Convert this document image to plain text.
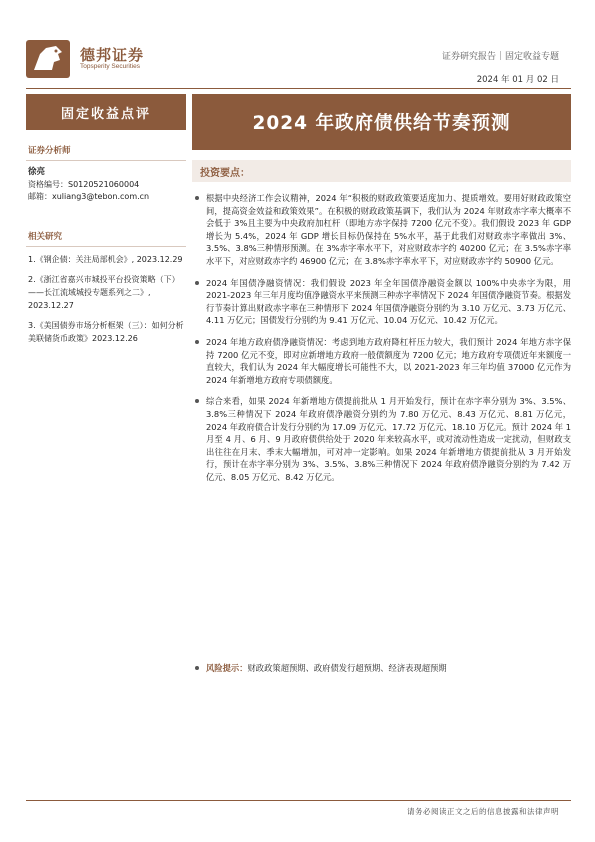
德邦证券
Topsperity Securities
证券研究报告｜固定收益专题
2024 年 01 月 02 日
固定收益点评	2024 年政府债供给节奏预测
证券分析师
徐亮
资格编号：S0120521060004
邮箱：xuliang3@tebon.com.cn
相关研究
1.《钢企债：关注局部机会》, 2023.12.29
2.《浙江省嘉兴市城投平台投资策略（下）——长江流域城投专题系列之二》, 2023.12.27
3.《美国债券市场分析框架（三）：如何分析美联储货币政策》2023.12.26
投资要点：
根据中央经济工作会议精神，2024 年“积极的财政政策要适度加力、提质增效。要用好财政政策空间，提高资金效益和政策效果”。在积极的财政政策基调下，我们认为 2024 年财政赤字率大概率不会低于 3%且主要为中央政府加杠杆（即地方赤字保持 7200 亿元不变）。我们假设 2023 年 GDP 增长为 5.4%，2024 年 GDP 增长目标仍保持在 5%水平，基于此我们对财政赤字率做出 3%、3.5%、3.8%三种情形预测。在 3%赤字率水平下，对应财政赤字约 40200 亿元；在 3.5%赤字率水平下，对应财政赤字约 46900 亿元；在 3.8%赤字率水平下，对应财政赤字约 50900 亿元。
2024 年国债净融资情况：我们假设 2023 年全年国债净融资金额以 100%中央赤字为限，用 2021-2023 年三年月度均值净融资水平来预测三种赤字率情况下 2024 年国债净融资节奏。根据发行节奏计算出财政赤字率在三种情形下 2024 年国债净融资分别约为 3.10 万亿元、3.73 万亿元、4.11 万亿元；国债发行分别约为 9.41 万亿元、10.04 万亿元、10.42 万亿元。
2024 年地方政府债净融资情况：考虑到地方政府降杠杆压力较大，我们预计 2024 年地方赤字保持 7200 亿元不变，即对应新增地方政府一般债额度为 7200 亿元；地方政府专项债近年来额度一直较大，我们认为 2024 年大幅度增长可能性不大，以 2021-2023 年三年均值 37000 亿元作为 2024 年新增地方政府专项债额度。
综合来看，如果 2024 年新增地方债提前批从 1 月开始发行，预计在赤字率分别为 3%、3.5%、3.8%三种情况下 2024 年政府债净融资分别约为 7.80 万亿元、8.43 万亿元、8.81 万亿元，2024 年政府债合计发行分别约为 17.09 万亿元、17.72 万亿元、18.10 万亿元。预计 2024 年 1 月至 4 月、6 月、9 月政府债供给处于 2020 年来较高水平，或对流动性造成一定扰动，但财政支出往往在月末、季末大幅增加，可对冲一定影响。如果 2024 年新增地方债提前批从 3 月开始发行，预计在赤字率分别为 3%、3.5%、3.8%三种情况下 2024 年政府债净融资分别约为 7.42 万亿元、8.05 万亿元、8.42 万亿元。
风险提示：财政政策超预期、政府债发行超预期、经济表现超预期
请务必阅读正文之后的信息披露和法律声明
